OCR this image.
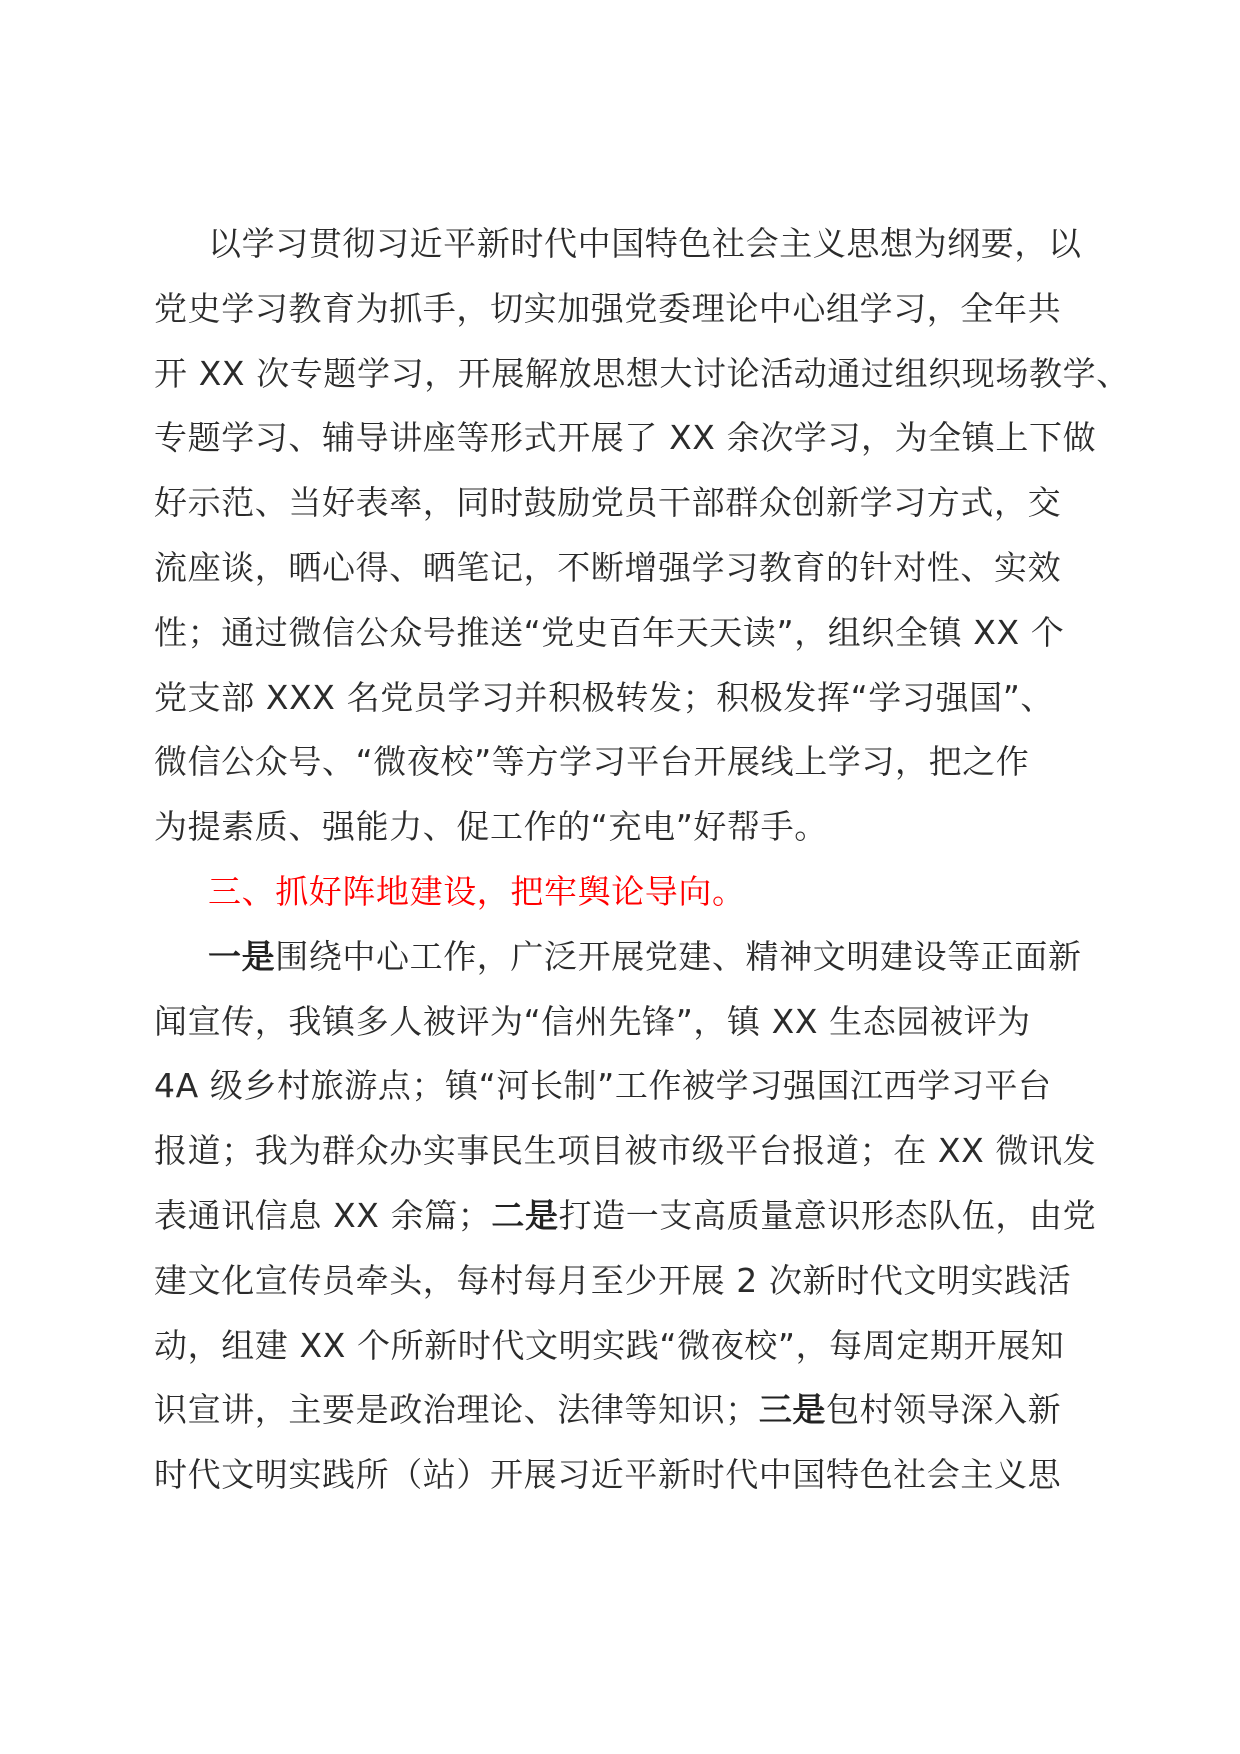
以学习贯彻习近平新时代中国特色社会主义思想为纲要，以
党史学习教育为抓手，切实加强党委理论中心组学习，全年共
开 XX 次专题学习，开展解放思想大讨论活动通过组织现场教学、
专题学习、辅导讲座等形式开展了 XX 余次学习，为全镇上下做
好示范、当好表率，同时鼓励党员干部群众创新学习方式，交
流座谈，晒心得、晒笔记，不断增强学习教育的针对性、实效
性；通过微信公众号推送“党史百年天天读”，组织全镇 XX 个
党支部 XXX 名党员学习并积极转发；积极发挥“学习强国”、
微信公众号、“微夜校”等方学习平台开展线上学习，把之作
为提素质、强能力、促工作的“充电”好帮手。
三、抓好阵地建设，把牢舆论导向。
一是围绕中心工作，广泛开展党建、精神文明建设等正面新
闻宣传，我镇多人被评为“信州先锋”，镇 XX 生态园被评为
4A 级乡村旅游点；镇“河长制”工作被学习强国江西学习平台
报道；我为群众办实事民生项目被市级平台报道；在 XX 微讯发
表通讯信息 XX 余篇；二是打造一支高质量意识形态队伍，由党
建文化宣传员牵头，每村每月至少开展 2 次新时代文明实践活
动，组建 XX 个所新时代文明实践“微夜校”，每周定期开展知
识宣讲，主要是政治理论、法律等知识；三是包村领导深入新
时代文明实践所（站）开展习近平新时代中国特色社会主义思
